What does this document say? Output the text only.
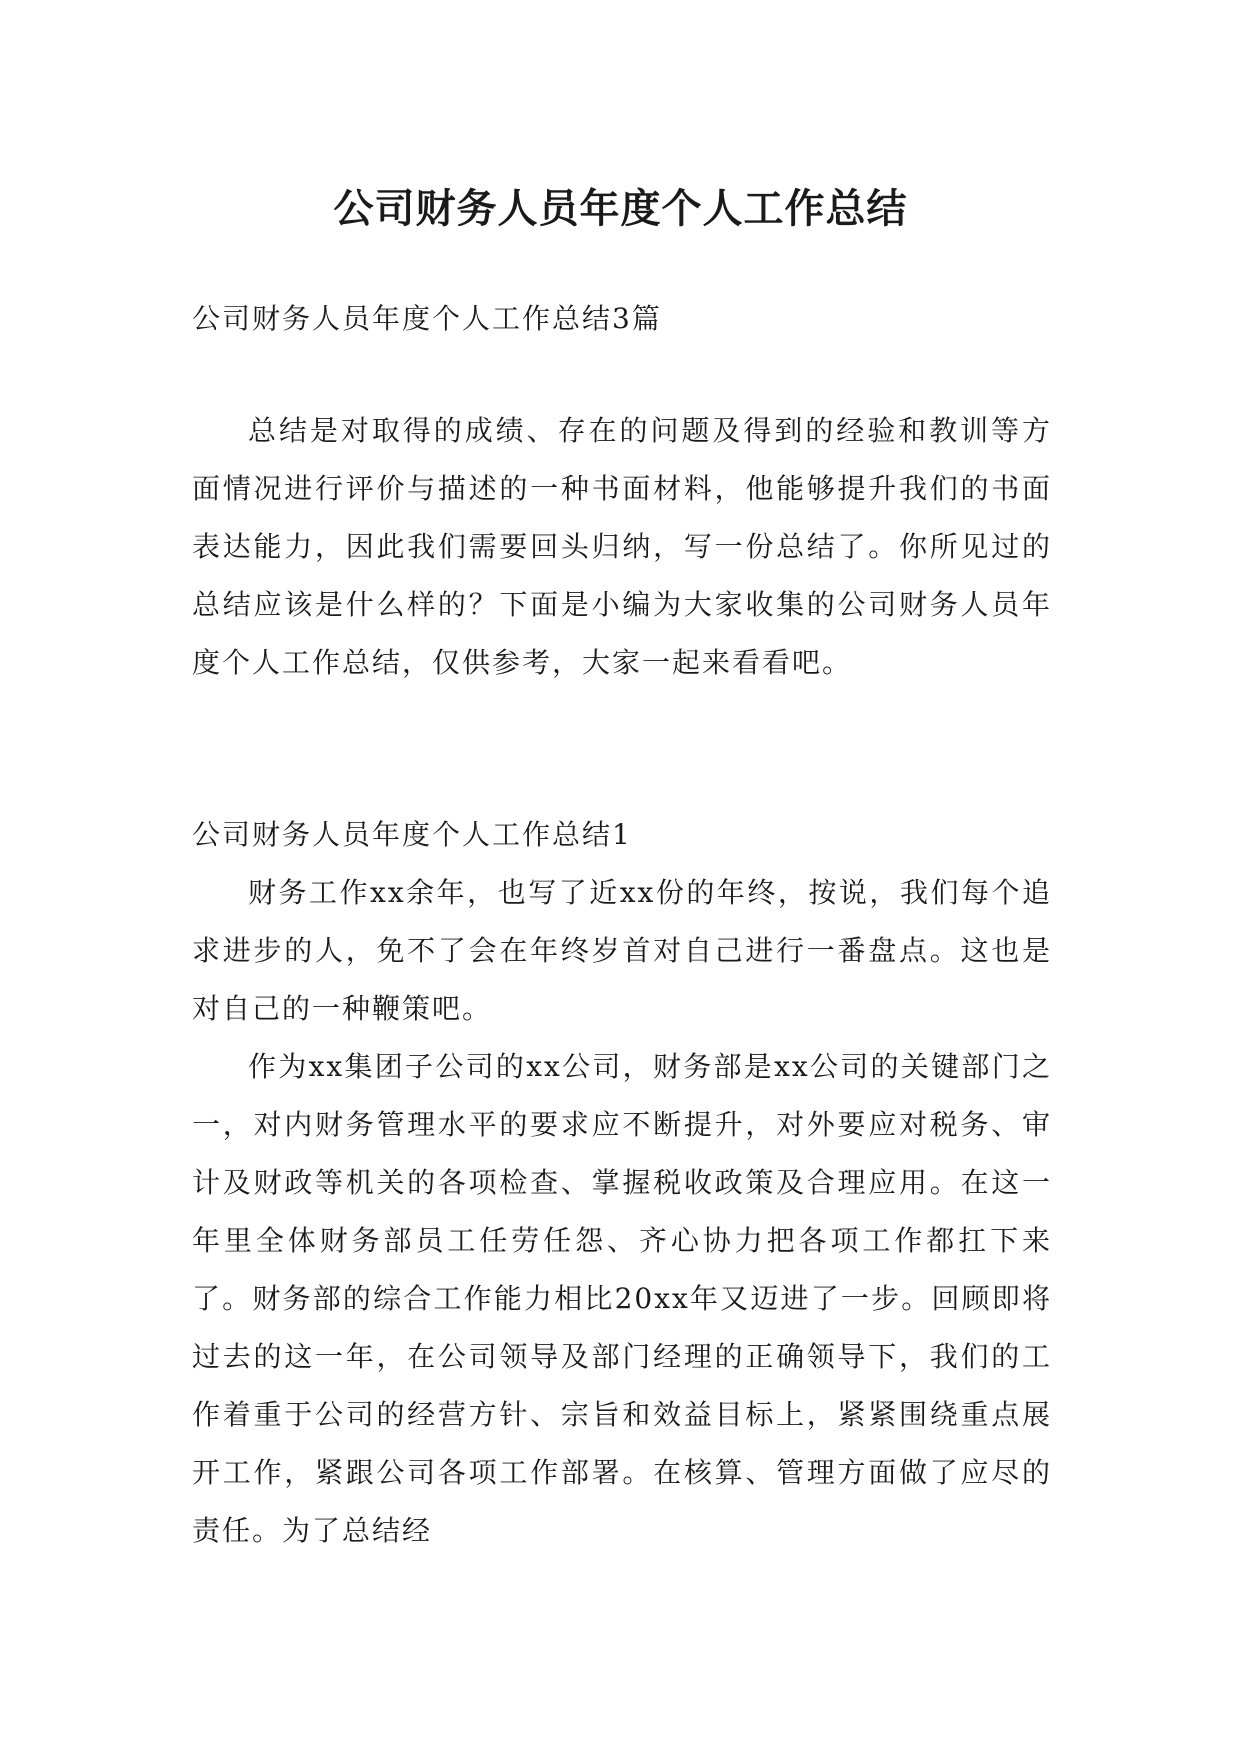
公司财务人员年度个人工作总结

公司财务人员年度个人工作总结3篇

总结是对取得的成绩、存在的问题及得到的经验和教训等方面情况进行评价与描述的一种书面材料，他能够提升我们的书面表达能力，因此我们需要回头归纳，写一份总结了。你所见过的总结应该是什么样的？下面是小编为大家收集的公司财务人员年度个人工作总结，仅供参考，大家一起来看看吧。

公司财务人员年度个人工作总结1

财务工作xx余年，也写了近xx份的年终，按说，我们每个追求进步的人，免不了会在年终岁首对自己进行一番盘点。这也是对自己的一种鞭策吧。

作为xx集团子公司的xx公司，财务部是xx公司的关键部门之一，对内财务管理水平的要求应不断提升，对外要应对税务、审计及财政等机关的各项检查、掌握税收政策及合理应用。在这一年里全体财务部员工任劳任怨、齐心协力把各项工作都扛下来了。财务部的综合工作能力相比20xx年又迈进了一步。回顾即将过去的这一年，在公司领导及部门经理的正确领导下，我们的工作着重于公司的经营方针、宗旨和效益目标上，紧紧围绕重点展开工作，紧跟公司各项工作部署。在核算、管理方面做了应尽的责任。为了总结经
